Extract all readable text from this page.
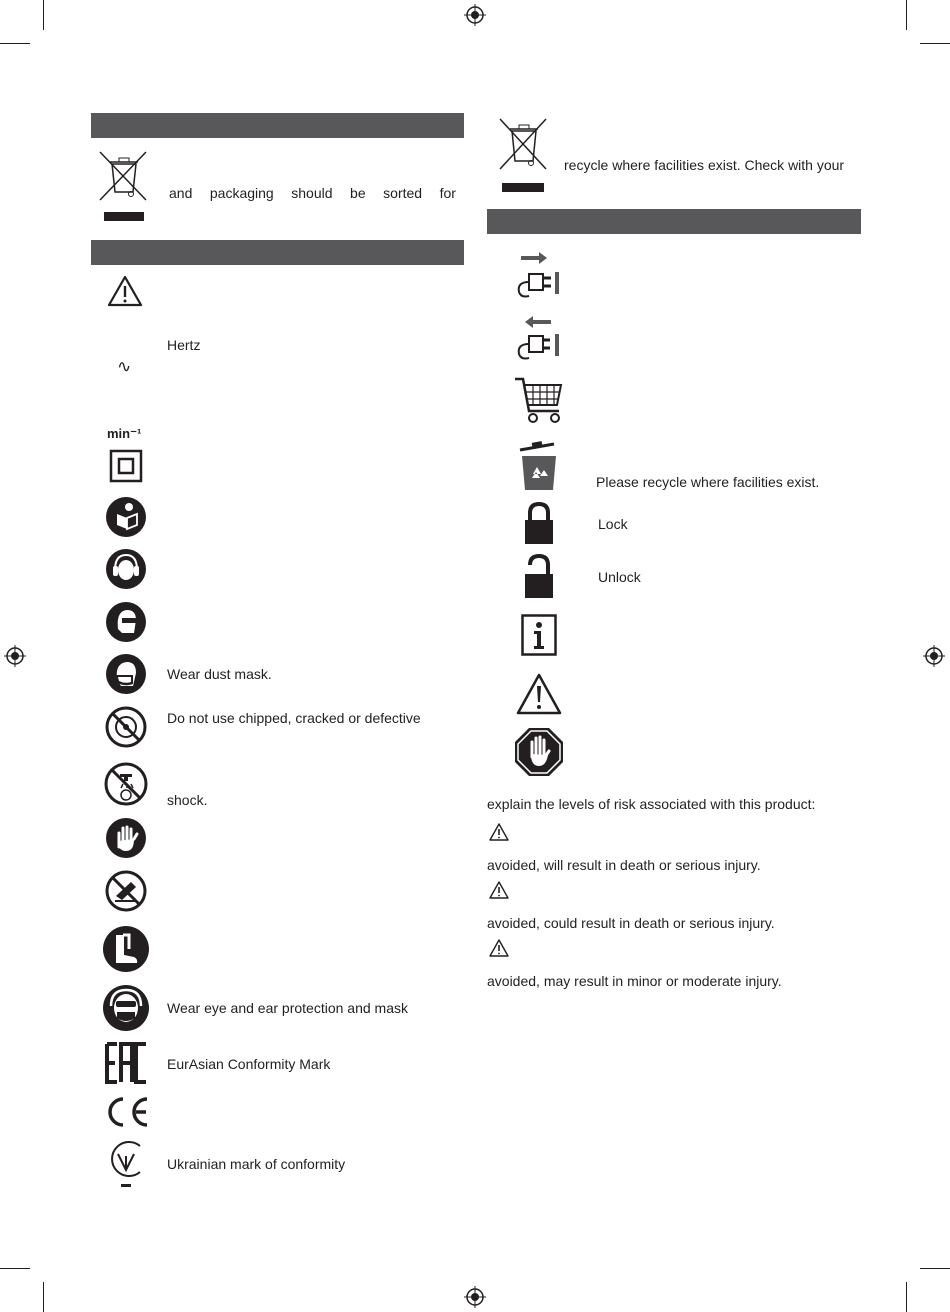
and packaging should be sorted for
Hertz
∿
min⁻¹
Wear dust mask.
Do not use chipped, cracked or defective
shock.
Wear eye and ear protection and mask
EurAsian Conformity Mark
Ukrainian mark of conformity
recycle where facilities exist. Check with your
Please recycle where facilities exist.
Lock
Unlock
explain the levels of risk associated with this product:
avoided, will result in death or serious injury.
avoided, could result in death or serious injury.
avoided, may result in minor or moderate injury.
